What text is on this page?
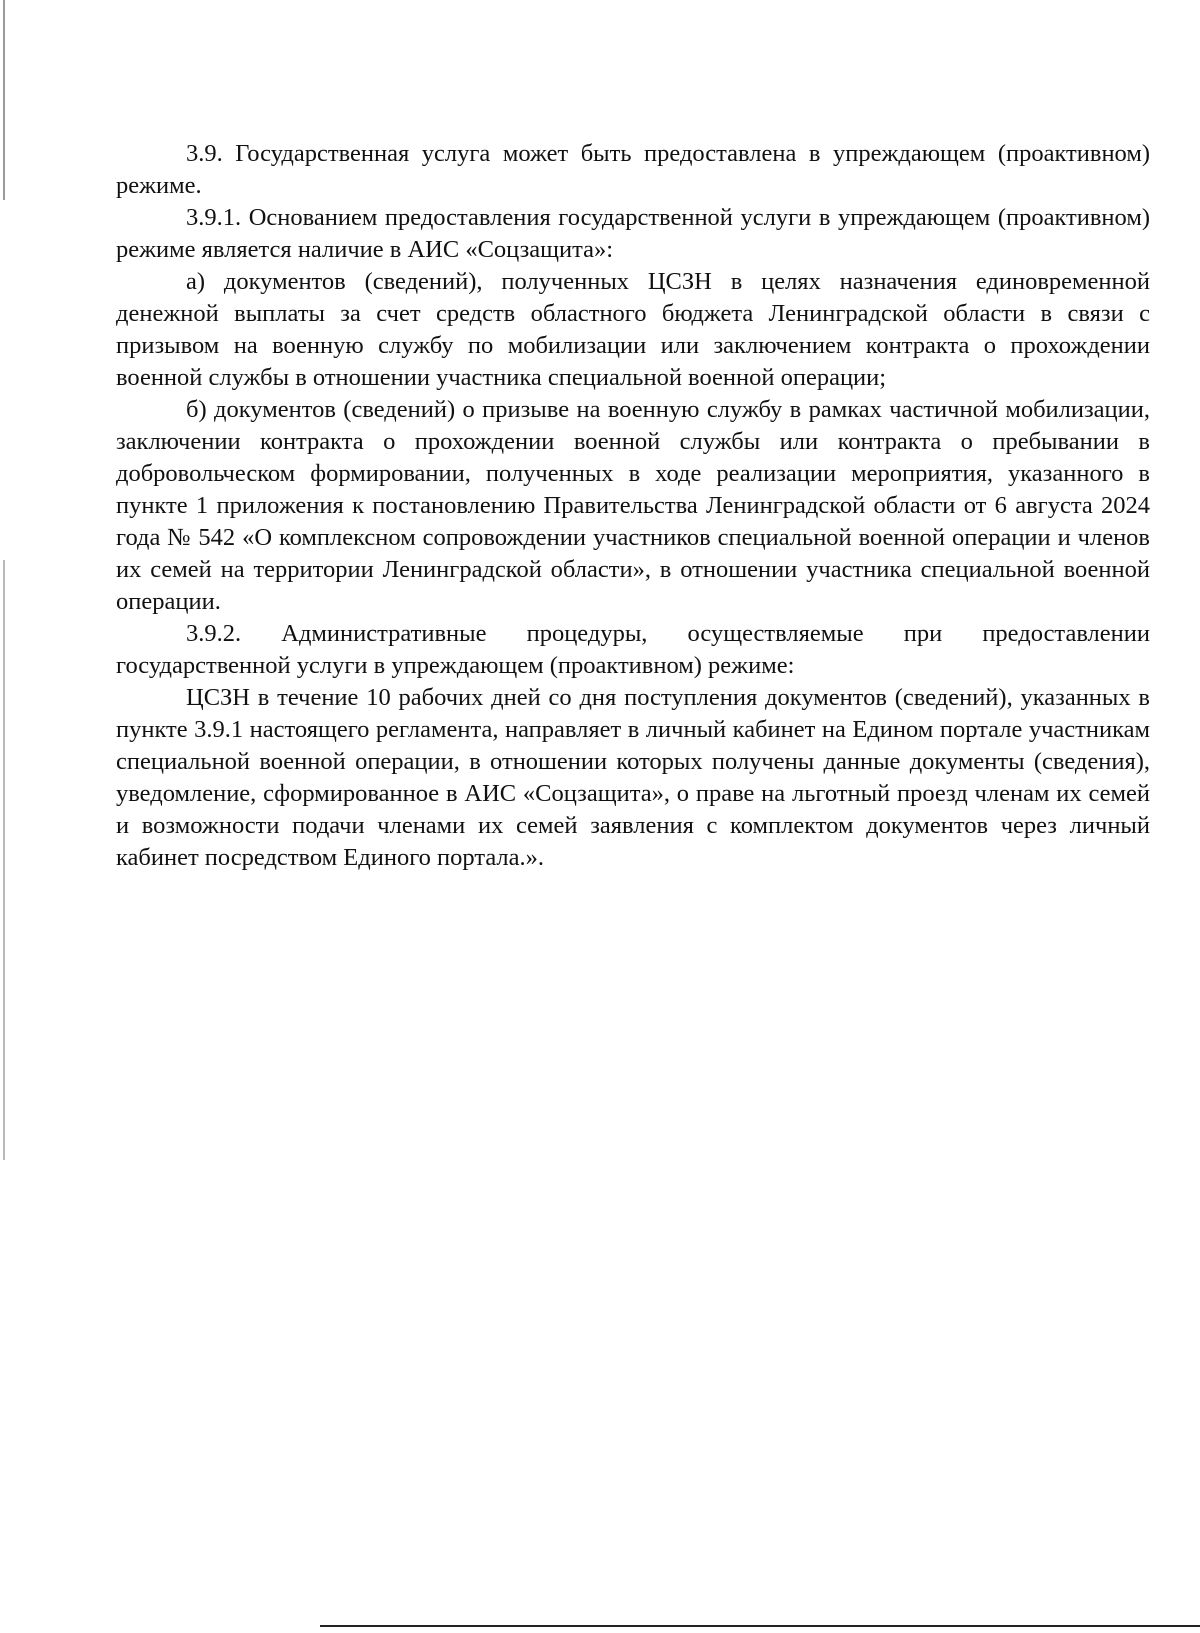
3.9. Государственная услуга может быть предоставлена в упреждающем (проактивном) режиме.

3.9.1. Основанием предоставления государственной услуги в упреждающем (проактивном) режиме является наличие в АИС «Соцзащита»:

а) документов (сведений), полученных ЦСЗН в целях назначения единовременной денежной выплаты за счет средств областного бюджета Ленинградской области в связи с призывом на военную службу по мобилизации или заключением контракта о прохождении военной службы в отношении участника специальной военной операции;

б) документов (сведений) о призыве на военную службу в рамках частичной мобилизации, заключении контракта о прохождении военной службы или контракта о пребывании в добровольческом формировании, полученных в ходе реализации мероприятия, указанного в пункте 1 приложения к постановлению Правительства Ленинградской области от 6 августа 2024 года № 542 «О комплексном сопровождении участников специальной военной операции и членов их семей на территории Ленинградской области», в отношении участника специальной военной операции.

3.9.2. Административные процедуры, осуществляемые при предоставлении государственной услуги в упреждающем (проактивном) режиме:

ЦСЗН в течение 10 рабочих дней со дня поступления документов (сведений), указанных в пункте 3.9.1 настоящего регламента, направляет в личный кабинет на Едином портале участникам специальной военной операции, в отношении которых получены данные документы (сведения), уведомление, сформированное в АИС «Соцзащита», о праве на льготный проезд членам их семей и возможности подачи членами их семей заявления с комплектом документов через личный кабинет посредством Единого портала.».
